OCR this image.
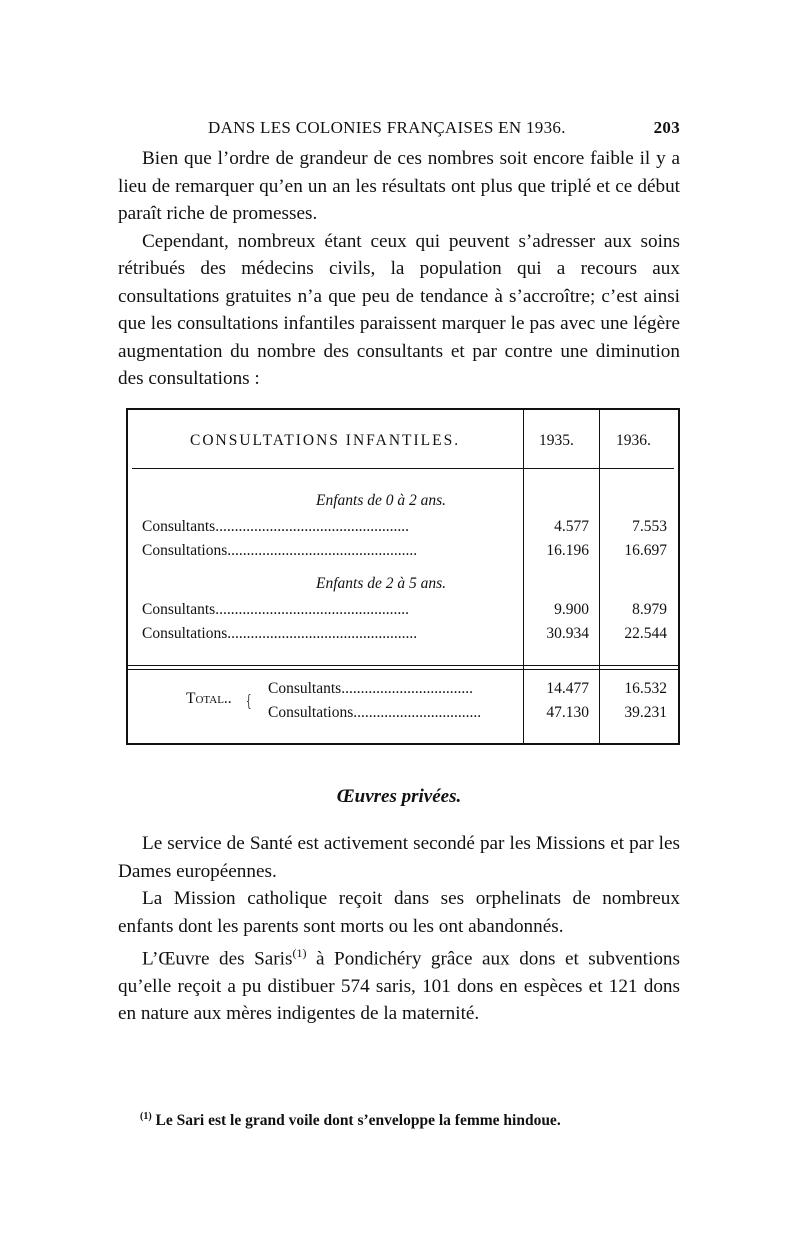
DANS LES COLONIES FRANÇAISES EN 1936.	203

Bien que l’ordre de grandeur de ces nombres soit encore faible il y a lieu de remarquer qu’en un an les résultats ont plus que triplé et ce début paraît riche de promesses.

Cependant, nombreux étant ceux qui peuvent s’adresser aux soins rétribués des médecins civils, la population qui a recours aux consultations gratuites n’a que peu de tendance à s’accroître; c’est ainsi que les consultations infantiles paraissent marquer le pas avec une légère augmentation du nombre des consultants et par contre une diminution des consultations :

CONSULTATIONS INFANTILES.	1935.	1936.
Enfants de 0 à 2 ans.
Consultants..................................................	4.577	7.553
Consultations.................................................	16.196	16.697
Enfants de 2 à 5 ans.
Consultants..................................................	9.900	8.979
Consultations.................................................	30.934	22.544
Total.. {
Consultants..................................	14.477	16.532
Consultations.................................	47.130	39.231
Œuvres privées.

Le service de Santé est activement secondé par les Missions et par les Dames européennes.

La Mission catholique reçoit dans ses orphelinats de nombreux enfants dont les parents sont morts ou les ont abandonnés.

L’Œuvre des Saris$^{(1)}$ à Pondichéry grâce aux dons et subventions qu’elle reçoit a pu distibuer 574 saris, 101 dons en espèces et 121 dons en nature aux mères indigentes de la maternité.

$^{(1)}$ Le Sari est le grand voile dont s’enveloppe la femme hindoue.
